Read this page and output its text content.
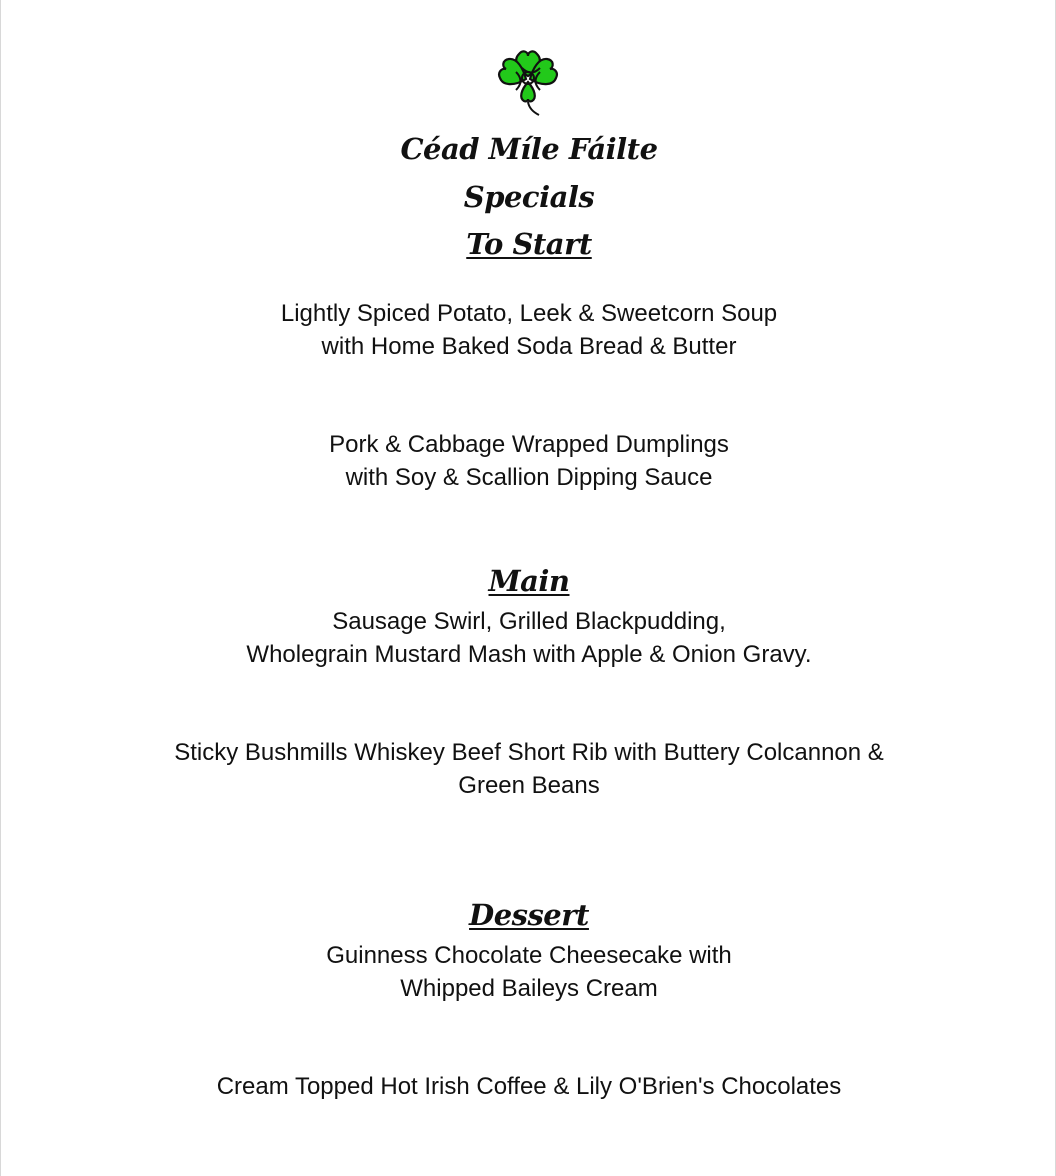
Céad Míle Fáilte
Specials
To Start
Lightly Spiced Potato, Leek & Sweetcorn Soup
with Home Baked Soda Bread & Butter
Pork & Cabbage Wrapped Dumplings
with Soy & Scallion Dipping Sauce
Main
Sausage Swirl, Grilled Blackpudding,
Wholegrain Mustard Mash with Apple & Onion Gravy.
Sticky Bushmills Whiskey Beef Short Rib with Buttery Colcannon &
Green Beans
Dessert
Guinness Chocolate Cheesecake with
Whipped Baileys Cream
Cream Topped Hot Irish Coffee & Lily O'Brien's Chocolates
